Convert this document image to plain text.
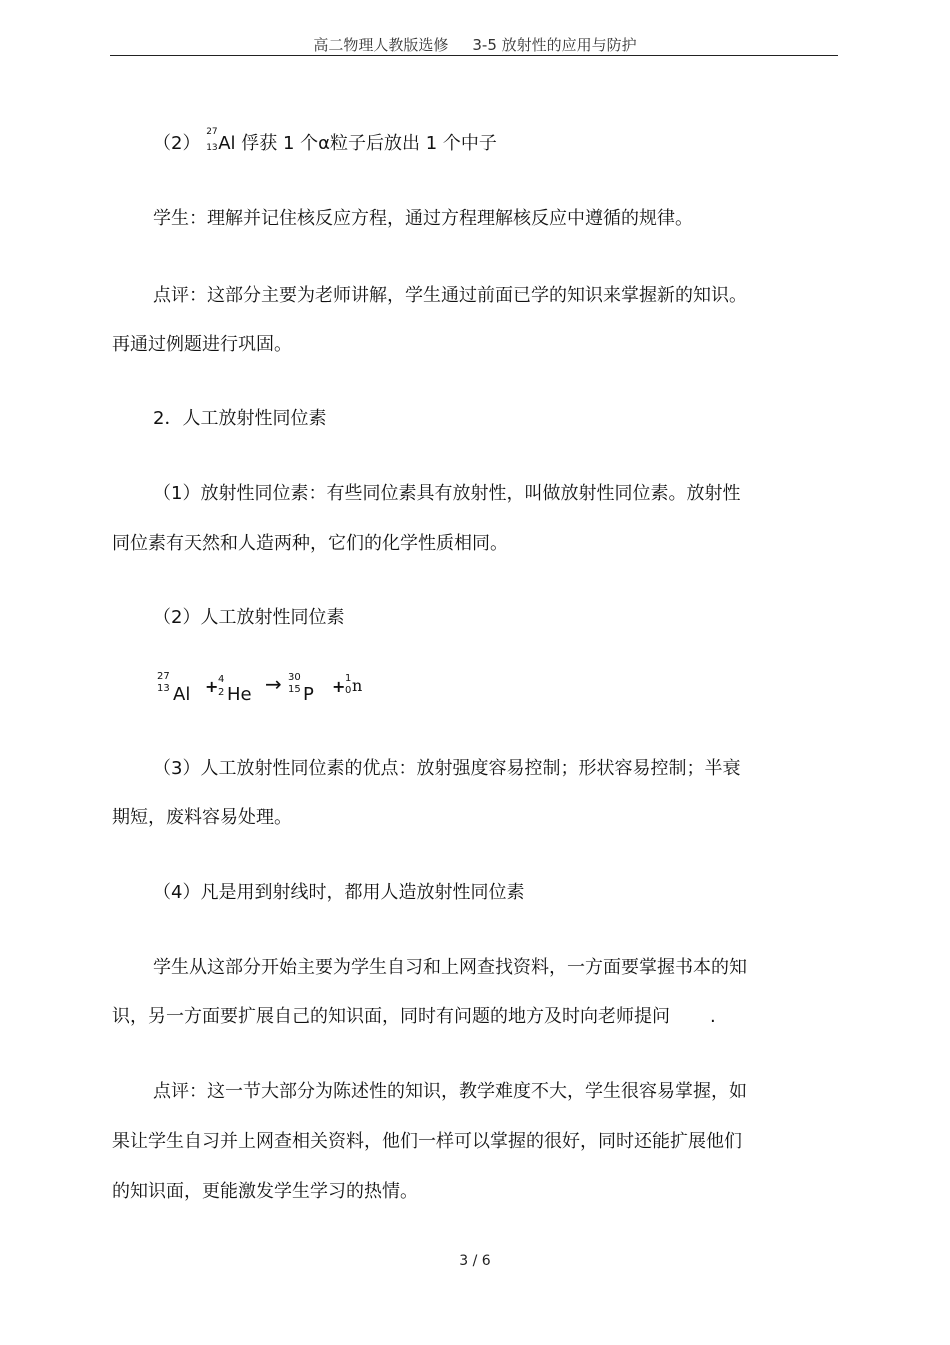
高二物理人教版选修 3-5 放射性的应用与防护
（2）
27
13 Al 俘获 1 个α粒子后放出 1 个中子
学生：理解并记住核反应方程，通过方程理解核反应中遵循的规律。
点评：这部分主要为老师讲解，学生通过前面已学的知识来掌握新的知识。
再通过例题进行巩固。
2．人工放射性同位素
（1）放射性同位素：有些同位素具有放射性，叫做放射性同位素。放射性
同位素有天然和人造两种，它们的化学性质相同。
（2）人工放射性同位素
27
13 Al + 4
2 He → 30
15 P + 1
0 n
（3）人工放射性同位素的优点：放射强度容易控制；形状容易控制；半衰
期短，废料容易处理。
（4）凡是用到射线时，都用人造放射性同位素
学生从这部分开始主要为学生自习和上网查找资料，一方面要掌握书本的知
识，另一方面要扩展自己的知识面，同时有问题的地方及时向老师提问 .
点评：这一节大部分为陈述性的知识，教学难度不大，学生很容易掌握，如
果让学生自习并上网查相关资料，他们一样可以掌握的很好，同时还能扩展他们
的知识面，更能激发学生学习的热情。
3 / 6
